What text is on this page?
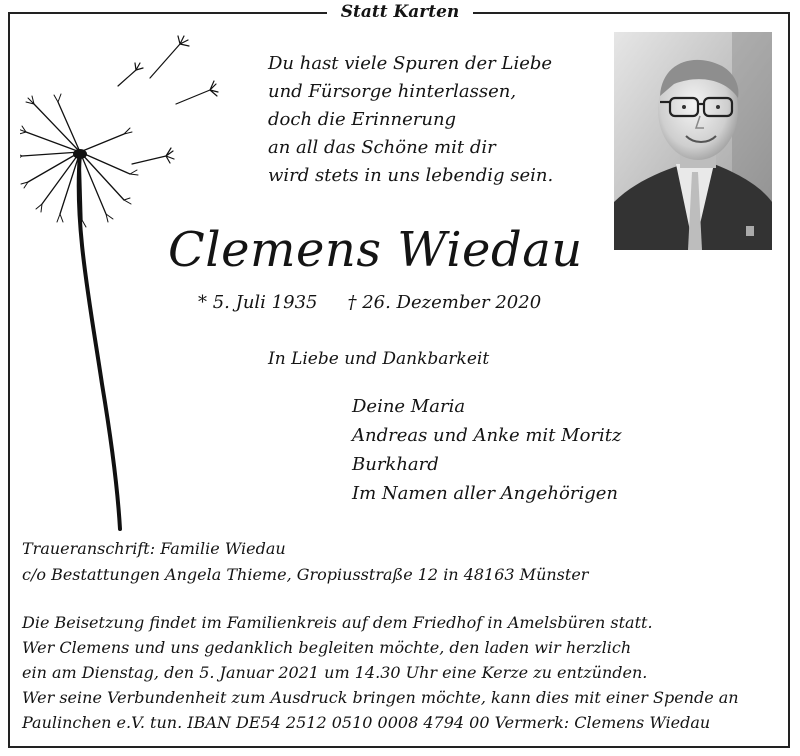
Statt Karten
Du hast viele Spuren der Liebe
und Fürsorge hinterlassen,
doch die Erinnerung
an all das Schöne mit dir
wird stets in uns lebendig sein.
Clemens Wiedau
* 5. Juli 1935 † 26. Dezember 2020
In Liebe und Dankbarkeit
Deine Maria
Andreas und Anke mit Moritz
Burkhard
Im Namen aller Angehörigen
Traueranschrift: Familie Wiedau
c/o Bestattungen Angela Thieme, Gropiusstraße 12 in 48163 Münster
Die Beisetzung findet im Familienkreis auf dem Friedhof in Amelsbüren statt.
Wer Clemens und uns gedanklich begleiten möchte, den laden wir herzlich
ein am Dienstag, den 5. Januar 2021 um 14.30 Uhr eine Kerze zu entzünden.
Wer seine Verbundenheit zum Ausdruck bringen möchte, kann dies mit einer Spende an
Paulinchen e.V. tun. IBAN DE54 2512 0510 0008 4794 00 Vermerk: Clemens Wiedau
